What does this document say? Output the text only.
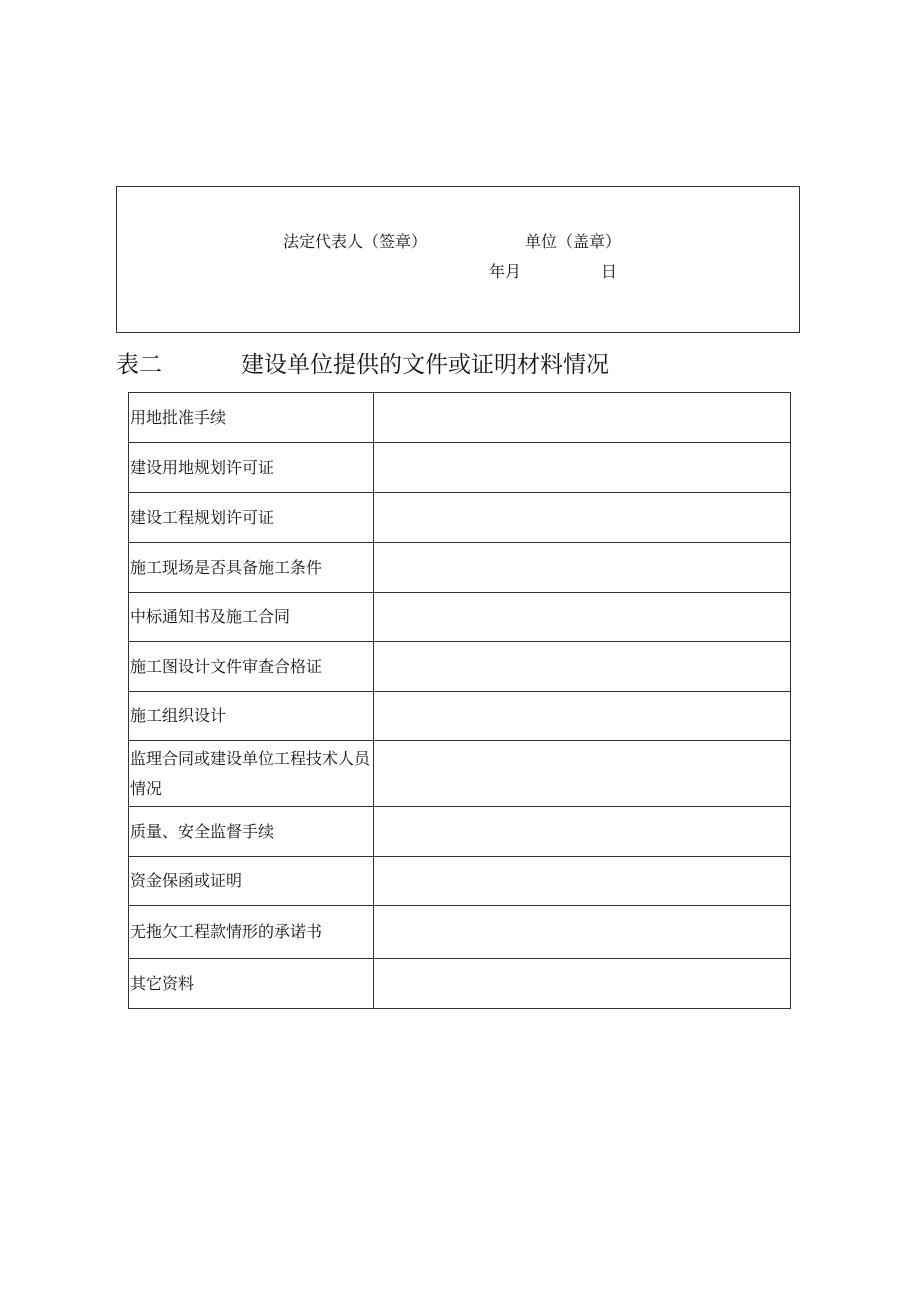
法定代表人（签章）	单位（盖章）
年月	日
表二	建设单位提供的文件或证明材料情况
用地批准手续	
建设用地规划许可证	
建设工程规划许可证	
施工现场是否具备施工条件	
中标通知书及施工合同	
施工图设计文件审查合格证	
施工组织设计	
监理合同或建设单位工程技术人员情况	
质量、安全监督手续	
资金保函或证明	
无拖欠工程款情形的承诺书	
其它资料	
